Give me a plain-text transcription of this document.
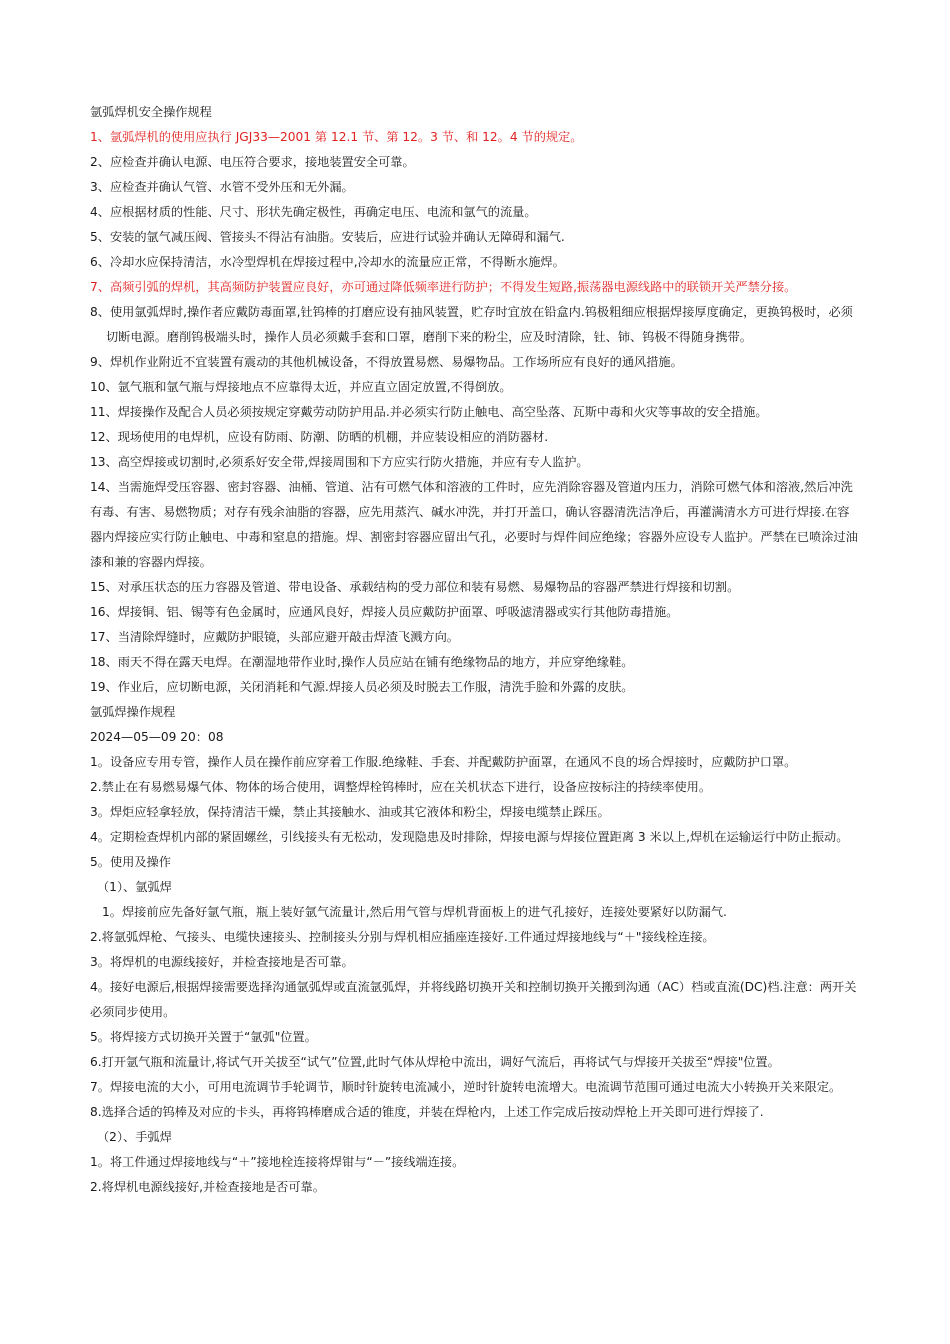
氩弧焊机安全操作规程

1、氩弧焊机的使用应执行 JGJ33—2001 第 12.1 节、第 12。3 节、和 12。4 节的规定。

2、应检查并确认电源、电压符合要求，接地装置安全可靠。

3、应检查并确认气管、水管不受外压和无外漏。

4、应根据材质的性能、尺寸、形状先确定极性，再确定电压、电流和氩气的流量。

5、安装的氩气减压阀、管接头不得沾有油脂。安装后，应进行试验并确认无障碍和漏气.

6、冷却水应保持清洁，水冷型焊机在焊接过程中,冷却水的流量应正常，不得断水施焊。

7、高频引弧的焊机，其高频防护装置应良好，亦可通过降低频率进行防护；不得发生短路,振荡器电源线路中的联锁开关严禁分接。

8、使用氩弧焊时,操作者应戴防毒面罩,钍钨棒的打磨应设有抽风装置，贮存时宜放在铅盒内.钨极粗细应根据焊接厚度确定，更换钨极时，必须切断电源。磨削钨极端头时，操作人员必须戴手套和口罩，磨削下来的粉尘，应及时清除，钍、铈、钨极不得随身携带。

9、焊机作业附近不宜装置有震动的其他机械设备，不得放置易燃、易爆物品。工作场所应有良好的通风措施。

10、氩气瓶和氩气瓶与焊接地点不应靠得太近，并应直立固定放置,不得倒放。

11、焊接操作及配合人员必须按规定穿戴劳动防护用品.并必须实行防止触电、高空坠落、瓦斯中毒和火灾等事故的安全措施。

12、现场使用的电焊机，应设有防雨、防潮、防晒的机棚，并应装设相应的消防器材.

13、高空焊接或切割时,必须系好安全带,焊接周围和下方应实行防火措施，并应有专人监护。

14、当需施焊受压容器、密封容器、油桶、管道、沾有可燃气体和溶液的工件时，应先消除容器及管道内压力，消除可燃气体和溶液,然后冲洗有毒、有害、易燃物质；对存有残余油脂的容器，应先用蒸汽、碱水冲洗，并打开盖口，确认容器清洗洁净后，再灌满清水方可进行焊接.在容器内焊接应实行防止触电、中毒和窒息的措施。焊、割密封容器应留出气孔，必要时与焊件间应绝缘；容器外应设专人监护。严禁在已喷涂过油漆和兼的容器内焊接。

15、对承压状态的压力容器及管道、带电设备、承载结构的受力部位和装有易燃、易爆物品的容器严禁进行焊接和切割。

16、焊接铜、铝、锡等有色金属时，应通风良好，焊接人员应戴防护面罩、呼吸滤清器或实行其他防毒措施。

17、当清除焊缝时，应戴防护眼镜，头部应避开敲击焊渣飞溅方向。

18、雨天不得在露天电焊。在潮湿地带作业时,操作人员应站在铺有绝缘物品的地方，并应穿绝缘鞋。

19、作业后，应切断电源，关闭消耗和气源.焊接人员必须及时脱去工作服，清洗手脸和外露的皮肤。

氩弧焊操作规程

2024—05—09 20：08

1。设备应专用专管，操作人员在操作前应穿着工作服.绝缘鞋、手套、并配戴防护面罩，在通风不良的场合焊接时，应戴防护口罩。

2.禁止在有易燃易爆气体、物体的场合使用，调整焊栓钨棒时，应在关机状态下进行，设备应按标注的持续率使用。

3。焊炬应轻拿轻放，保持清洁干燥，禁止其接触水、油或其它液体和粉尘，焊接电缆禁止踩压。

4。定期检查焊机内部的紧固螺丝，引线接头有无松动，发现隐患及时排除，焊接电源与焊接位置距离 3 米以上,焊机在运输运行中防止振动。

5。使用及操作

（1）、氩弧焊

1。焊接前应先备好氩气瓶，瓶上装好氩气流量计,然后用气管与焊机背面板上的进气孔接好，连接处要紧好以防漏气.

2.将氩弧焊枪、气接头、电缆快速接头、控制接头分别与焊机相应插座连接好.工件通过焊接地线与“＋"接线栓连接。

3。将焊机的电源线接好，并检查接地是否可靠。

4。接好电源后,根据焊接需要选择沟通氩弧焊或直流氩弧焊，并将线路切换开关和控制切换开关搬到沟通（AC）档或直流(DC)档.注意：两开关必须同步使用。

5。将焊接方式切换开关置于“氩弧"位置。

6.打开氩气瓶和流量计,将试气开关拔至“试气”位置,此时气体从焊枪中流出，调好气流后，再将试气与焊接开关拔至“焊接"位置。

7。焊接电流的大小，可用电流调节手轮调节，顺时针旋转电流减小，逆时针旋转电流增大。电流调节范围可通过电流大小转换开关来限定。

8.选择合适的钨棒及对应的卡头，再将钨棒磨成合适的锥度，并装在焊枪内，上述工作完成后按动焊枪上开关即可进行焊接了.

（2）、手弧焊

1。将工件通过焊接地线与“＋”接地栓连接将焊钳与“－”接线端连接。

2.将焊机电源线接好,并检查接地是否可靠。
